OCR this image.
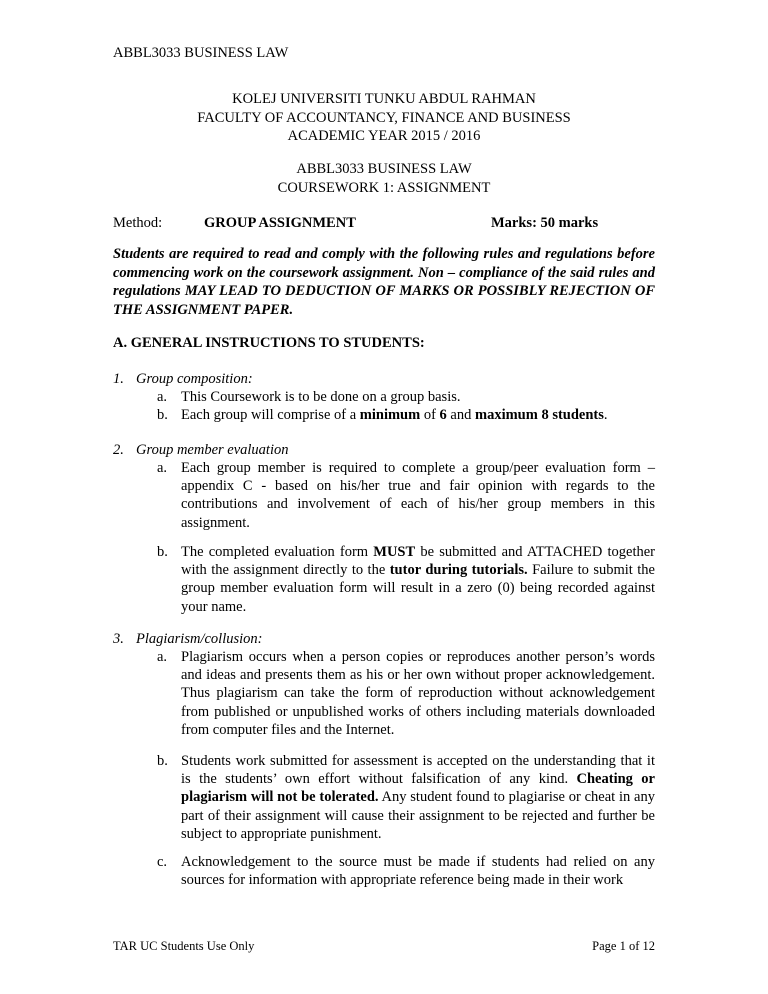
ABBL3033 BUSINESS LAW
KOLEJ UNIVERSITI TUNKU ABDUL RAHMAN
FACULTY OF ACCOUNTANCY, FINANCE AND BUSINESS
ACADEMIC YEAR 2015 / 2016
ABBL3033 BUSINESS LAW
COURSEWORK 1: ASSIGNMENT
Method:	GROUP ASSIGNMENT	Marks: 50 marks
Students are required to read and comply with the following rules and regulations before commencing work on the coursework assignment. Non – compliance of the said rules and regulations MAY LEAD TO DEDUCTION OF MARKS OR POSSIBLY REJECTION OF THE ASSIGNMENT PAPER.
A. GENERAL INSTRUCTIONS TO STUDENTS:
1. Group composition:
a. This Coursework is to be done on a group basis.
b. Each group will comprise of a minimum of 6 and maximum 8 students.
2. Group member evaluation
a. Each group member is required to complete a group/peer evaluation form – appendix C - based on his/her true and fair opinion with regards to the contributions and involvement of each of his/her group members in this assignment.
b. The completed evaluation form MUST be submitted and ATTACHED together with the assignment directly to the tutor during tutorials. Failure to submit the group member evaluation form will result in a zero (0) being recorded against your name.
3. Plagiarism/collusion:
a. Plagiarism occurs when a person copies or reproduces another person’s words and ideas and presents them as his or her own without proper acknowledgement. Thus plagiarism can take the form of reproduction without acknowledgement from published or unpublished works of others including materials downloaded from computer files and the Internet.
b. Students work submitted for assessment is accepted on the understanding that it is the students’ own effort without falsification of any kind. Cheating or plagiarism will not be tolerated. Any student found to plagiarise or cheat in any part of their assignment will cause their assignment to be rejected and further be subject to appropriate punishment.
c. Acknowledgement to the source must be made if students had relied on any sources for information with appropriate reference being made in their work
TAR UC Students Use Only	Page 1 of 12
